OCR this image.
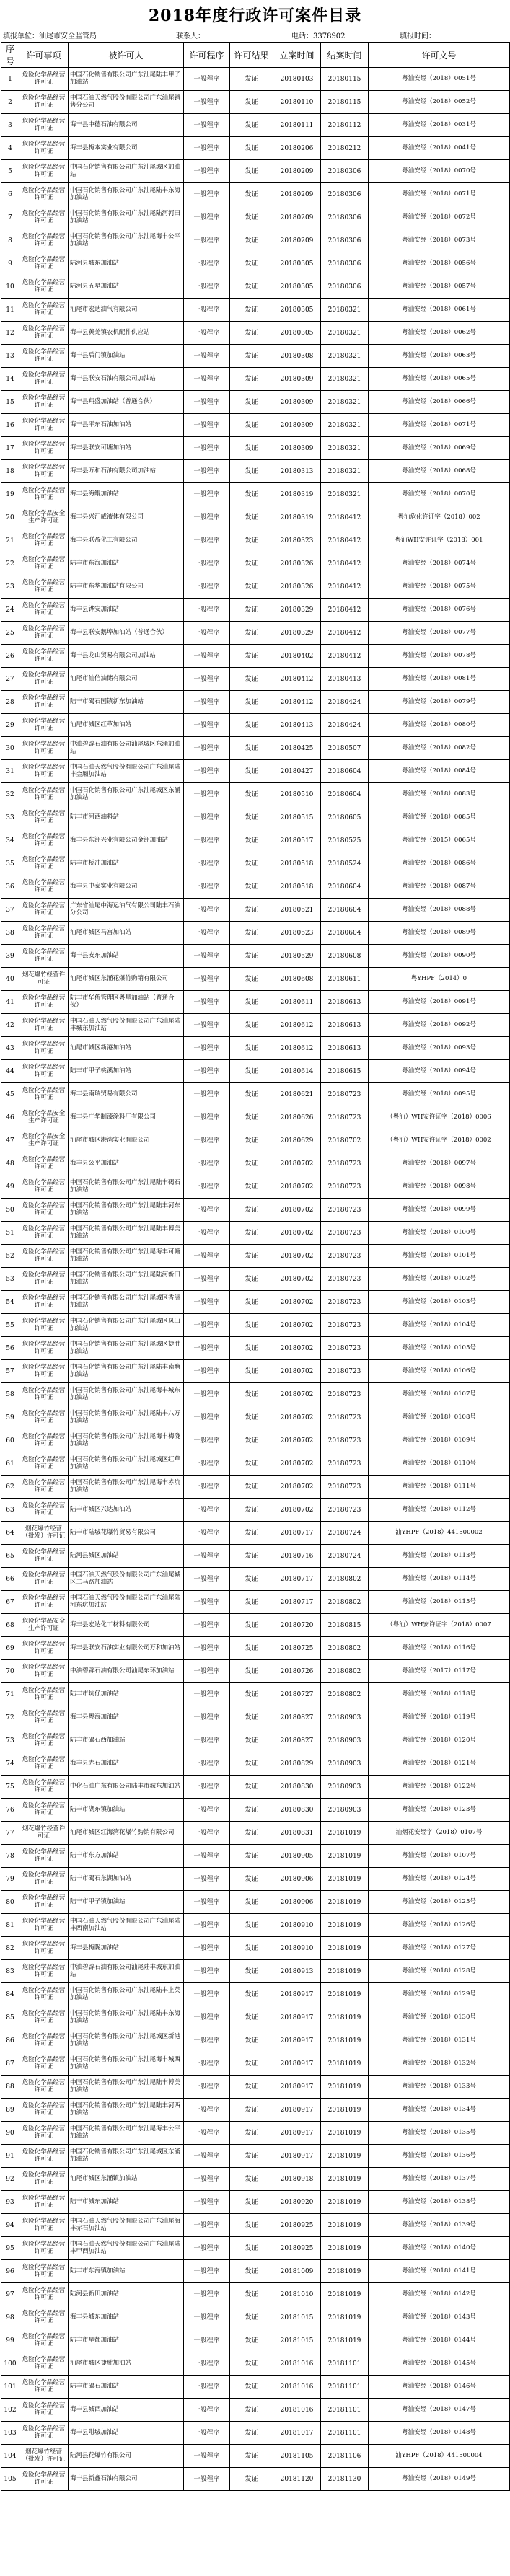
2018年度行政许可案件目录
填报单位：汕尾市安全监管局	联系人：	电话：3378902	填报时间：
序号	许可事项	被许可人	许可程序	许可结果	立案时间	结案时间	许可文号
1	危险化学品经营许可证	中国石化销售有限公司广东汕尾陆丰甲子加油站	一般程序	发证	20180103	20180115	粤汕安经（2018）0051号
2	危险化学品经营许可证	中国石油天然气股份有限公司广东汕尾销售分公司	一般程序	发证	20180110	20180115	粤汕安经（2018）0052号
3	危险化学品经营许可证	海丰县中德石油有限公司	一般程序	发证	20180111	20180112	粤汕安经（2018）0031号
4	危险化学品经营许可证	海丰县梅本实业有限公司	一般程序	发证	20180206	20180212	粤汕安经（2018）0041号
5	危险化学品经营许可证	中国石化销售有限公司广东汕尾城区加油站	一般程序	发证	20180209	20180306	粤汕安经（2018）0070号
6	危险化学品经营许可证	中国石化销售有限公司广东汕尾陆丰东海加油站	一般程序	发证	20180209	20180306	粤汕安经（2018）0071号
7	危险化学品经营许可证	中国石化销售有限公司广东汕尾陆河河田加油站	一般程序	发证	20180209	20180306	粤汕安经（2018）0072号
8	危险化学品经营许可证	中国石化销售有限公司广东汕尾海丰公平加油站	一般程序	发证	20180209	20180306	粤汕安经（2018）0073号
9	危险化学品经营许可证	陆河县城东加油站	一般程序	发证	20180305	20180306	粤汕安经（2018）0056号
10	危险化学品经营许可证	陆河县五星加油站	一般程序	发证	20180305	20180306	粤汕安经（2018）0057号
11	危险化学品经营许可证	汕尾市宏达油气有限公司	一般程序	发证	20180305	20180321	粤汕安经（2018）0061号
12	危险化学品经营许可证	海丰县黄羌镇农机配件供应站	一般程序	发证	20180305	20180321	粤汕安经（2018）0062号
13	危险化学品经营许可证	海丰县后门镇加油站	一般程序	发证	20180308	20180321	粤汕安经（2018）0063号
14	危险化学品经营许可证	海丰县联安石油有限公司加油站	一般程序	发证	20180309	20180321	粤汕安经（2018）0065号
15	危险化学品经营许可证	海丰县翔盛加油站（普通合伙）	一般程序	发证	20180309	20180321	粤汕安经（2018）0066号
16	危险化学品经营许可证	海丰县平东石油加油站	一般程序	发证	20180309	20180321	粤汕安经（2018）0071号
17	危险化学品经营许可证	海丰县联安可塘加油站	一般程序	发证	20180309	20180321	粤汕安经（2018）0069号
18	危险化学品经营许可证	海丰县万和石油有限公司加油站	一般程序	发证	20180313	20180321	粤汕安经（2018）0068号
19	危险化学品经营许可证	海丰县海鲲加油站	一般程序	发证	20180319	20180321	粤汕安经（2018）0070号
20	危险化学品安全生产许可证	海丰县兴汇威液体有限公司	一般程序	发证	20180319	20180412	粤汕危化许证字（2018）002
21	危险化学品经营许可证	海丰县联盈化工有限公司	一般程序	发证	20180323	20180412	粤汕WH安许证字（2018）001
22	危险化学品经营许可证	陆丰市东海加油站	一般程序	发证	20180326	20180412	粤汕安经（2018）0074号
23	危险化学品经营许可证	陆丰市东华加油站有限公司	一般程序	发证	20180326	20180412	粤汕安经（2018）0075号
24	危险化学品经营许可证	海丰县铧安加油站	一般程序	发证	20180329	20180412	粤汕安经（2018）0076号
25	危险化学品经营许可证	海丰县联安鹅埠加油站（普通合伙）	一般程序	发证	20180329	20180412	粤汕安经（2018）0077号
26	危险化学品经营许可证	海丰县龙山贸易有限公司加油站	一般程序	发证	20180402	20180412	粤汕安经（2018）0078号
27	危险化学品经营许可证	汕尾市汕信油储有限公司	一般程序	发证	20180412	20180413	粤汕安经（2018）0081号
28	危险化学品经营许可证	陆丰市碣石国镇新东加油站	一般程序	发证	20180412	20180424	粤汕安经（2018）0079号
29	危险化学品经营许可证	汕尾市城区红草加油站	一般程序	发证	20180413	20180424	粤汕安经（2018）0080号
30	危险化学品经营许可证	中油碧辟石油有限公司汕尾城区东涌加油站	一般程序	发证	20180425	20180507	粤汕安经（2018）0082号
31	危险化学品经营许可证	中国石油天然气股份有限公司广东汕尾陆丰金厢加油站	一般程序	发证	20180427	20180604	粤汕安经（2018）0084号
32	危险化学品经营许可证	中国石化销售有限公司广东汕尾城区东涌加油站	一般程序	发证	20180510	20180604	粤汕安经（2018）0083号
33	危险化学品经营许可证	陆丰市河西油料站	一般程序	发证	20180515	20180605	粤汕安经（2018）0085号
34	危险化学品经营许可证	海丰县东洲兴业有限公司金洲加油站	一般程序	发证	20180517	20180525	粤汕安经（2015）0065号
35	危险化学品经营许可证	陆丰市桥冲加油站	一般程序	发证	20180518	20180524	粤汕安经（2018）0086号
36	危险化学品经营许可证	海丰县中泰实业有限公司	一般程序	发证	20180518	20180604	粤汕安经（2018）0087号
37	危险化学品经营许可证	广东省汕尾中海运油气有限公司陆丰石油分公司	一般程序	发证	20180521	20180604	粤汕安经（2018）0088号
38	危险化学品经营许可证	汕尾市城区马宫加油站	一般程序	发证	20180523	20180604	粤汕安经（2018）0089号
39	危险化学品经营许可证	海丰县安东加油站	一般程序	发证	20180529	20180608	粤汕安经（2018）0090号
40	烟花爆竹经营许可证	汕尾市城区东涌花爆竹购销有限公司	一般程序	发证	20180608	20180611	粤YHPF（2014）0
41	危险化学品经营许可证	陆丰市华侨管理区粤星加油站（普通合伙）	一般程序	发证	20180611	20180613	粤汕安经（2018）0091号
42	危险化学品经营许可证	中国石油天然气股份有限公司广东汕尾陆丰城东加油站	一般程序	发证	20180612	20180613	粤汕安经（2018）0092号
43	危险化学品经营许可证	汕尾市城区新港加油站	一般程序	发证	20180612	20180613	粤汕安经（2018）0093号
44	危险化学品经营许可证	陆丰市甲子桃溪加油站	一般程序	发证	20180614	20180615	粤汕安经（2018）0094号
45	危险化学品经营许可证	海丰县南瑞贸易有限公司	一般程序	发证	20180621	20180723	粤汕安经（2018）0095号
46	危险化学品安全生产许可证	海丰县广华制漆涂料厂有限公司	一般程序	发证	20180626	20180723	（粤汕）WH安许证字（2018）0006
47	危险化学品安全生产许可证	汕尾市城区港湾实业有限公司	一般程序	发证	20180629	20180702	（粤汕）WH安许证字（2018）0002
48	危险化学品经营许可证	海丰县公平加油站	一般程序	发证	20180702	20180723	粤汕安经（2018）0097号
49	危险化学品经营许可证	中国石化销售有限公司广东汕尾陆丰碣石加油站	一般程序	发证	20180702	20180723	粤汕安经（2018）0098号
50	危险化学品经营许可证	中国石化销售有限公司广东汕尾陆丰河东加油站	一般程序	发证	20180702	20180723	粤汕安经（2018）0099号
51	危险化学品经营许可证	中国石化销售有限公司广东汕尾陆丰博美加油站	一般程序	发证	20180702	20180723	粤汕安经（2018）0100号
52	危险化学品经营许可证	中国石化销售有限公司广东汕尾海丰可塘加油站	一般程序	发证	20180702	20180723	粤汕安经（2018）0101号
53	危险化学品经营许可证	中国石化销售有限公司广东汕尾陆河新田加油站	一般程序	发证	20180702	20180723	粤汕安经（2018）0102号
54	危险化学品经营许可证	中国石化销售有限公司广东汕尾城区香洲加油站	一般程序	发证	20180702	20180723	粤汕安经（2018）0103号
55	危险化学品经营许可证	中国石化销售有限公司广东汕尾城区凤山加油站	一般程序	发证	20180702	20180723	粤汕安经（2018）0104号
56	危险化学品经营许可证	中国石化销售有限公司广东汕尾城区捷胜加油站	一般程序	发证	20180702	20180723	粤汕安经（2018）0105号
57	危险化学品经营许可证	中国石化销售有限公司广东汕尾陆丰南塘加油站	一般程序	发证	20180702	20180723	粤汕安经（2018）0106号
58	危险化学品经营许可证	中国石化销售有限公司广东汕尾海丰城东加油站	一般程序	发证	20180702	20180723	粤汕安经（2018）0107号
59	危险化学品经营许可证	中国石化销售有限公司广东汕尾陆丰八万加油站	一般程序	发证	20180702	20180723	粤汕安经（2018）0108号
60	危险化学品经营许可证	中国石化销售有限公司广东汕尾海丰梅陇加油站	一般程序	发证	20180702	20180723	粤汕安经（2018）0109号
61	危险化学品经营许可证	中国石化销售有限公司广东汕尾城区红草加油站	一般程序	发证	20180702	20180723	粤汕安经（2018）0110号
62	危险化学品经营许可证	中国石化销售有限公司广东汕尾海丰赤坑加油站	一般程序	发证	20180702	20180723	粤汕安经（2018）0111号
63	危险化学品经营许可证	陆丰市城区兴达加油站	一般程序	发证	20180702	20180723	粤汕安经（2018）0112号
64	烟花爆竹经营（批发）许可证	陆丰市陆城花爆竹贸易有限公司	一般程序	发证	20180717	20180724	汕YHPF（2018）441500002
65	危险化学品经营许可证	陆河县城区加油站	一般程序	发证	20180716	20180724	粤汕安经（2018）0113号
66	危险化学品经营许可证	中国石油天然气股份有限公司广东汕尾城区二马路加油站	一般程序	发证	20180717	20180802	粤汕安经（2018）0114号
67	危险化学品经营许可证	中国石油天然气股份有限公司广东汕尾陆河东坑加油站	一般程序	发证	20180717	20180802	粤汕安经（2018）0115号
68	危险化学品安全生产许可证	海丰县宏达化工材料有限公司	一般程序	发证	20180720	20180815	（粤汕）WH安许证字（2018）0007
69	危险化学品经营许可证	海丰县联安石油实业有限公司万和加油站	一般程序	发证	20180725	20180802	粤汕安经（2018）0116号
70	危险化学品经营许可证	中油碧辟石油有限公司汕尾东环加油站	一般程序	发证	20180726	20180802	粤汕安经（2017）0117号
71	危险化学品经营许可证	陆丰市坑仔加油站	一般程序	发证	20180727	20180802	粤汕安经（2018）0118号
72	危险化学品经营许可证	海丰县粤海加油站	一般程序	发证	20180827	20180903	粤汕安经（2018）0119号
73	危险化学品经营许可证	陆丰市碣石西加油站	一般程序	发证	20180827	20180903	粤汕安经（2018）0120号
74	危险化学品经营许可证	海丰县赤石加油站	一般程序	发证	20180829	20180903	粤汕安经（2018）0121号
75	危险化学品经营许可证	中化石油广东有限公司陆丰市城东加油站	一般程序	发证	20180830	20180903	粤汕安经（2018）0122号
76	危险化学品经营许可证	陆丰市湖东镇加油站	一般程序	发证	20180830	20180903	粤汕安经（2018）0123号
77	烟花爆竹经营许可证	汕尾市城区红海湾花爆竹购销有限公司	一般程序	发证	20180831	20181019	汕烟花安经字（2018）0107号
78	危险化学品经营许可证	陆丰市东方加油站	一般程序	发证	20180905	20181019	粤汕安经（2018）0107号
79	危险化学品经营许可证	陆丰市碣石东湖加油站	一般程序	发证	20180906	20181019	粤汕安经（2018）0124号
80	危险化学品经营许可证	陆丰市甲子镇加油站	一般程序	发证	20180906	20181019	粤汕安经（2018）0125号
81	危险化学品经营许可证	中国石油天然气股份有限公司广东汕尾陆丰西南加油站	一般程序	发证	20180910	20181019	粤汕安经（2018）0126号
82	危险化学品经营许可证	海丰县梅陇加油站	一般程序	发证	20180910	20181019	粤汕安经（2018）0127号
83	危险化学品经营许可证	中油碧辟石油有限公司汕尾陆丰城东加油站	一般程序	发证	20180913	20181019	粤汕安经（2018）0128号
84	危险化学品经营许可证	中国石化销售有限公司广东汕尾陆丰上英加油站	一般程序	发证	20180917	20181019	粤汕安经（2018）0129号
85	危险化学品经营许可证	中国石化销售有限公司广东汕尾陆丰东海加油站	一般程序	发证	20180917	20181019	粤汕安经（2018）0130号
86	危险化学品经营许可证	中国石化销售有限公司广东汕尾城区新港加油站	一般程序	发证	20180917	20181019	粤汕安经（2018）0131号
87	危险化学品经营许可证	中国石化销售有限公司广东汕尾海丰城西加油站	一般程序	发证	20180917	20181019	粤汕安经（2018）0132号
88	危险化学品经营许可证	中国石化销售有限公司广东汕尾陆丰博美加油站	一般程序	发证	20180917	20181019	粤汕安经（2018）0133号
89	危险化学品经营许可证	中国石化销售有限公司广东汕尾陆丰河西加油站	一般程序	发证	20180917	20181019	粤汕安经（2018）0134号
90	危险化学品经营许可证	中国石化销售有限公司广东汕尾海丰公平加油站	一般程序	发证	20180917	20181019	粤汕安经（2018）0135号
91	危险化学品经营许可证	中国石化销售有限公司广东汕尾城区东涌加油站	一般程序	发证	20180917	20181019	粤汕安经（2018）0136号
92	危险化学品经营许可证	汕尾市城区东涌镇加油站	一般程序	发证	20180918	20181019	粤汕安经（2018）0137号
93	危险化学品经营许可证	陆丰市城东加油站	一般程序	发证	20180920	20181019	粤汕安经（2018）0138号
94	危险化学品经营许可证	中国石油天然气股份有限公司广东汕尾海丰赤石加油站	一般程序	发证	20180925	20181019	粤汕安经（2018）0139号
95	危险化学品经营许可证	中国石油天然气股份有限公司广东汕尾陆丰甲西加油站	一般程序	发证	20180925	20181019	粤汕安经（2018）0140号
96	危险化学品经营许可证	陆丰市东海镇加油站	一般程序	发证	20181009	20181019	粤汕安经（2018）0141号
97	危险化学品经营许可证	陆河县新田加油站	一般程序	发证	20181010	20181019	粤汕安经（2018）0142号
98	危险化学品经营许可证	海丰县城东加油站	一般程序	发证	20181015	20181019	粤汕安经（2018）0143号
99	危险化学品经营许可证	陆丰市星都加油站	一般程序	发证	20181015	20181019	粤汕安经（2018）0144号
100	危险化学品经营许可证	汕尾市城区捷胜加油站	一般程序	发证	20181016	20181101	粤汕安经（2018）0145号
101	危险化学品经营许可证	陆丰市碣石加油站	一般程序	发证	20181016	20181101	粤汕安经（2018）0146号
102	危险化学品经营许可证	海丰县城西加油站	一般程序	发证	20181016	20181101	粤汕安经（2018）0147号
103	危险化学品经营许可证	海丰县附城加油站	一般程序	发证	20181017	20181101	粤汕安经（2018）0148号
104	烟花爆竹经营（批发）许可证	陆河县花爆竹有限公司	一般程序	发证	20181105	20181106	汕YHPF（2018）441500004
105	危险化学品经营许可证	海丰县新鑫石油有限公司	一般程序	发证	20181120	20181130	粤汕安经（2018）0149号
